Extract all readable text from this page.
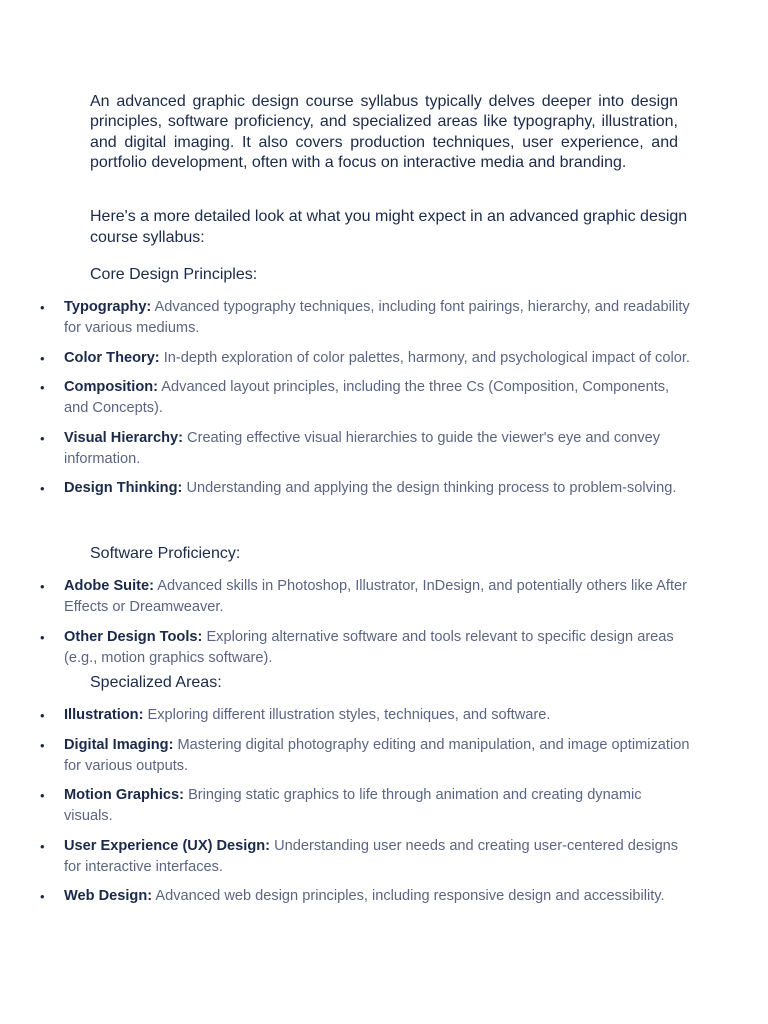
An advanced graphic design course syllabus typically delves deeper into design principles, software proficiency, and specialized areas like typography, illustration, and digital imaging. It also covers production techniques, user experience, and portfolio development, often with a focus on interactive media and branding.

Here's a more detailed look at what you might expect in an advanced graphic design course syllabus:

Core Design Principles:

• Typography: Advanced typography techniques, including font pairings, hierarchy, and readability for various mediums.
• Color Theory: In-depth exploration of color palettes, harmony, and psychological impact of color.
• Composition: Advanced layout principles, including the three Cs (Composition, Components, and Concepts).
• Visual Hierarchy: Creating effective visual hierarchies to guide the viewer's eye and convey information.
• Design Thinking: Understanding and applying the design thinking process to problem-solving.

Software Proficiency:

• Adobe Suite: Advanced skills in Photoshop, Illustrator, InDesign, and potentially others like After Effects or Dreamweaver.
• Other Design Tools: Exploring alternative software and tools relevant to specific design areas (e.g., motion graphics software).

Specialized Areas:

• Illustration: Exploring different illustration styles, techniques, and software.
• Digital Imaging: Mastering digital photography editing and manipulation, and image optimization for various outputs.
• Motion Graphics: Bringing static graphics to life through animation and creating dynamic visuals.
• User Experience (UX) Design: Understanding user needs and creating user-centered designs for interactive interfaces.
• Web Design: Advanced web design principles, including responsive design and accessibility.
